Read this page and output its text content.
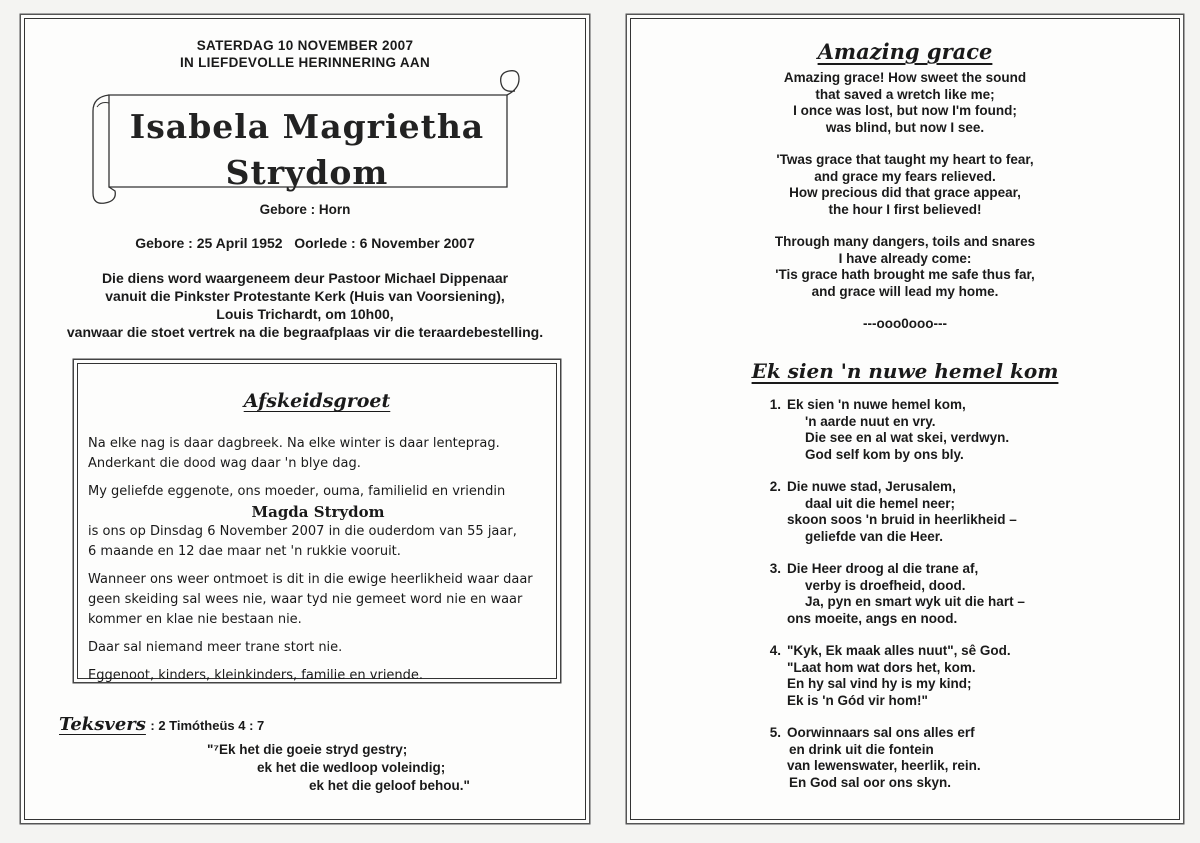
SATERDAG 10 NOVEMBER 2007
IN LIEFDEVOLLE HERINNERING AAN
Isabela Magrietha
Strydom
Gebore : Horn
Gebore : 25 April 1952   Oorlede : 6 November 2007
Die diens word waargeneem deur Pastoor Michael Dippenaar
vanuit die Pinkster Protestante Kerk (Huis van Voorsiening),
Louis Trichardt, om 10h00,
vanwaar die stoet vertrek na die begraafplaas vir die teraardebestelling.
Afskeidsgroet

Na elke nag is daar dagbreek. Na elke winter is daar lenteprag.
Anderkant die dood wag daar 'n blye dag.

My geliefde eggenote, ons moeder, ouma, familielid en vriendin

Magda Strydom
is ons op Dinsdag 6 November 2007 in die ouderdom van 55 jaar,
6 maande en 12 dae maar net 'n rukkie vooruit.

Wanneer ons weer ontmoet is dit in die ewige heerlikheid waar daar
geen skeiding sal wees nie, waar tyd nie gemeet word nie en waar
kommer en klae nie bestaan nie.

Daar sal niemand meer trane stort nie.

Eggenoot, kinders, kleinkinders, familie en vriende.

Teksvers : 2 Timótheüs 4 : 7
"⁷Ek het die goeie stryd gestry;
ek het die wedloop voleindig;
ek het die geloof behou."
Amazing grace
Amazing grace! How sweet the sound
that saved a wretch like me;
I once was lost, but now I'm found;
was blind, but now I see.
'Twas grace that taught my heart to fear,
and grace my fears relieved.
How precious did that grace appear,
the hour I first believed!
Through many dangers, toils and snares
I have already come:
'Tis grace hath brought me safe thus far,
and grace will lead my home.
---ooo0ooo---
Ek sien 'n nuwe hemel kom
1. Ek sien 'n nuwe hemel kom,
'n aarde nuut en vry.
Die see en al wat skei, verdwyn.
God self kom by ons bly.
2. Die nuwe stad, Jerusalem,
daal uit die hemel neer;
skoon soos 'n bruid in heerlikheid –
geliefde van die Heer.
3. Die Heer droog al die trane af,
verby is droefheid, dood.
Ja, pyn en smart wyk uit die hart –
ons moeite, angs en nood.
4. "Kyk, Ek maak alles nuut", sê God.
"Laat hom wat dors het, kom.
En hy sal vind hy is my kind;
Ek is 'n Gód vir hom!"
5. Oorwinnaars sal ons alles erf
en drink uit die fontein
van lewenswater, heerlik, rein.
En God sal oor ons skyn.
